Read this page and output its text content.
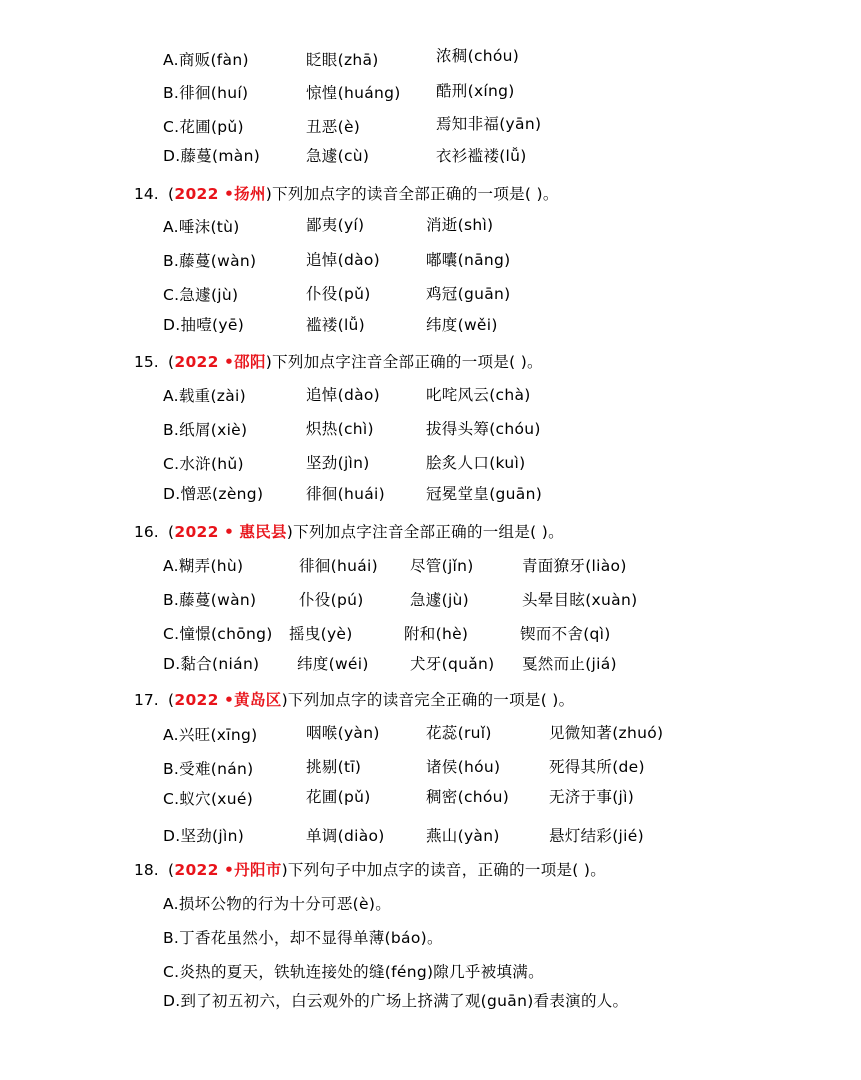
A.商贩(fàn)	眨眼(zhā)	浓稠(chóu)
B.徘徊(huí)	惊惶(huáng) 酷刑(xíng)
C.花圃(pǔ)	丑恶(è)	焉知非福(yān)
D.藤蔓(màn)	急遽(cù)	衣衫褴褛(lǚ)
14. (2022 •扬州)下列加点字的读音全部正确的一项是( )。
A.唾沫(tù)	鄙夷(yí)	消逝(shì)
B.藤蔓(wàn)	追悼(dào)	嘟囔(nāng)
C.急遽(jù)	仆役(pǔ)	鸡冠(guān)
D.抽噎(yē)	褴褛(lǚ)	纬度(wěi)
15. (2022 •邵阳)下列加点字注音全部正确的一项是( )。
A.载重(zài)	追悼(dào)	叱咤风云(chà)
B.纸屑(xiè)	炽热(chì)	拔得头筹(chóu)
C.水浒(hǔ)	坚劲(jìn)	脍炙人口(kuì)
D.憎恶(zèng)	徘徊(huái)	冠冕堂皇(guān)
16. (2022 • 惠民县)下列加点字注音全部正确的一组是( )。
A.糊弄(hù)	徘徊(huái) 尽管(jǐn)	青面獠牙(liào)
B.藤蔓(wàn)	仆役(pú)	急遽(jù)	头晕目眩(xuàn)
C.憧憬(chōng) 摇曳(yè)	附和(hè)	锲而不舍(qì)
D.黏合(nián) 纬度(wéi)	犬牙(quǎn) 戛然而止(jiá)
17. (2022 •黄岛区)下列加点字的读音完全正确的一项是( )。
A.兴旺(xīng)	咽喉(yàn)	花蕊(ruǐ)	见微知著(zhuó)
B.受难(nán)	挑剔(tī)	诸侯(hóu)	死得其所(de)
C.蚁穴(xué)	花圃(pǔ)	稠密(chóu)	无济于事(jì)
D.坚劲(jìn)	单调(diào)	燕山(yàn)	悬灯结彩(jié)
18. (2022 •丹阳市)下列句子中加点字的读音，正确的一项是( )。
A.损坏公物的行为十分可恶(è)。
B.丁香花虽然小，却不显得单薄(báo)。
C.炎热的夏天，铁轨连接处的缝(féng)隙几乎被填满。
D.到了初五初六，白云观外的广场上挤满了观(guān)看表演的人。
